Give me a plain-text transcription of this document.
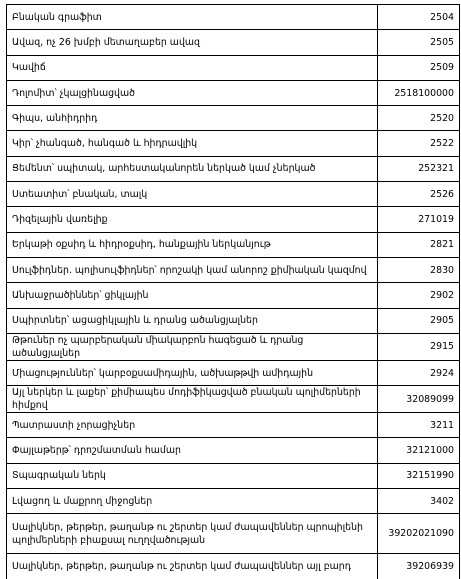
Բնական գրաֆիտ	2504
Ավազ, ոչ 26 խմբի մետաղաբեր ավազ	2505
Կավիճ	2509
Դոլոմիտ՝ չկալցինացված	2518100000
Գիպս, անհիդրիդ	2520
Կիր՝ չհանգած, հանգած և հիդրավլիկ	2522
Ցեմենտ՝ սպիտակ, արհեստականորեն ներկած կամ չներկած	252321
Ստեատիտ՝ բնական, տալկ	2526
Դիզելային վառելիք	271019
Երկաթի օքսիդ և հիդրօքսիդ, հանքային ներկանյութ	2821
Սուլֆիդներ. պոլիսուլֆիդներ՝ որոշակի կամ անորոշ քիմիական կազմով	2830
Անխաջրածիններ՝ ցիկլային	2902
Սպիրտներ՝ ացացիկլային և դրանց ածանցյալներ	2905
Թթուներ ոչ պարբերական միակարբոն հագեցած և դրանց ածանցյալներ	2915
Միացություններ՝ կարբօքսամիդային, ածխաթթվի ամիդային	2924
Այլ ներկեր և լաքեր՝ քիմիապես մոդիֆիկացված բնական պոլիմերների հիմքով	32089099
Պատրաստի չորացիչներ	3211
Փայլաթերթ՝ դրոշմատման համար	32121000
Տպագրական ներկ	32151990
Լվացող և մաքրող միջոցներ	3402
Սալիկներ, թերթեր, թաղանթ ու շերտեր կամ ժապավեններ պրոպիլենի պոլիմերների բիաքսալ ուղղվածության	39202021090

Սալիկներ, թերթեր, թաղանթ ու շերտեր կամ ժապավեններ այլ բարդ	39206939
